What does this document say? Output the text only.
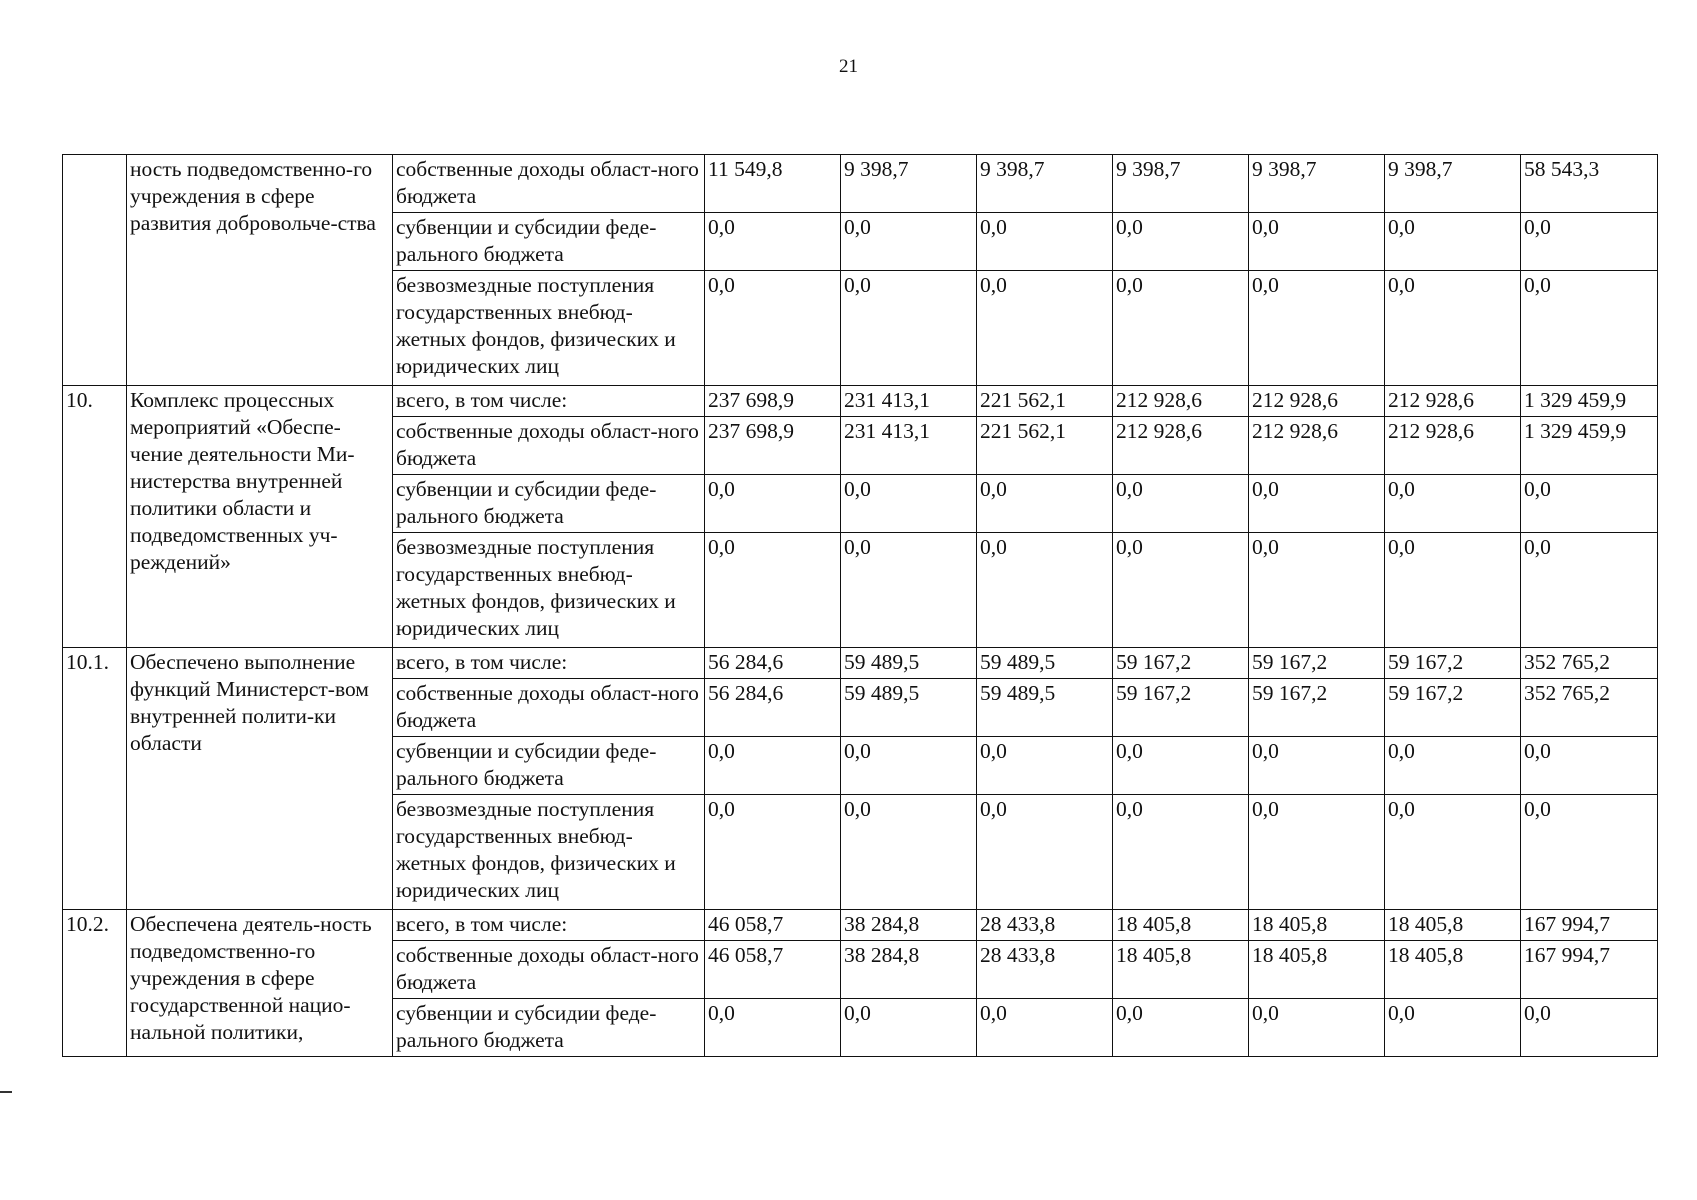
21
	ность подведомственно-го учреждения в сфере развития добровольче-ства	собственные доходы област-ного бюджета	11 549,8	9 398,7	9 398,7	9 398,7	9 398,7	9 398,7	58 543,3
		субвенции и субсидии феде-рального бюджета	0,0	0,0	0,0	0,0	0,0	0,0	0,0
		безвозмездные поступления государственных внебюд-жетных фондов, физических и юридических лиц	0,0	0,0	0,0	0,0	0,0	0,0	0,0
10.	Комплекс процессных мероприятий «Обеспе-чение деятельности Ми-нистерства внутренней политики области и подведомственных уч-реждений»	всего, в том числе:	237 698,9	231 413,1	221 562,1	212 928,6	212 928,6	212 928,6	1 329 459,9
		собственные доходы област-ного бюджета	237 698,9	231 413,1	221 562,1	212 928,6	212 928,6	212 928,6	1 329 459,9
		субвенции и субсидии феде-рального бюджета	0,0	0,0	0,0	0,0	0,0	0,0	0,0
		безвозмездные поступления государственных внебюд-жетных фондов, физических и юридических лиц	0,0	0,0	0,0	0,0	0,0	0,0	0,0
10.1.	Обеспечено выполнение функций Министерст-вом внутренней полити-ки области	всего, в том числе:	56 284,6	59 489,5	59 489,5	59 167,2	59 167,2	59 167,2	352 765,2
		собственные доходы област-ного бюджета	56 284,6	59 489,5	59 489,5	59 167,2	59 167,2	59 167,2	352 765,2
		субвенции и субсидии феде-рального бюджета	0,0	0,0	0,0	0,0	0,0	0,0	0,0
		безвозмездные поступления государственных внебюд-жетных фондов, физических и юридических лиц	0,0	0,0	0,0	0,0	0,0	0,0	0,0
10.2.	Обеспечена деятель-ность подведомственно-го учреждения в сфере государственной нацио-нальной политики,	всего, в том числе:	46 058,7	38 284,8	28 433,8	18 405,8	18 405,8	18 405,8	167 994,7
		собственные доходы област-ного бюджета	46 058,7	38 284,8	28 433,8	18 405,8	18 405,8	18 405,8	167 994,7
		субвенции и субсидии феде-рального бюджета	0,0	0,0	0,0	0,0	0,0	0,0	0,0
